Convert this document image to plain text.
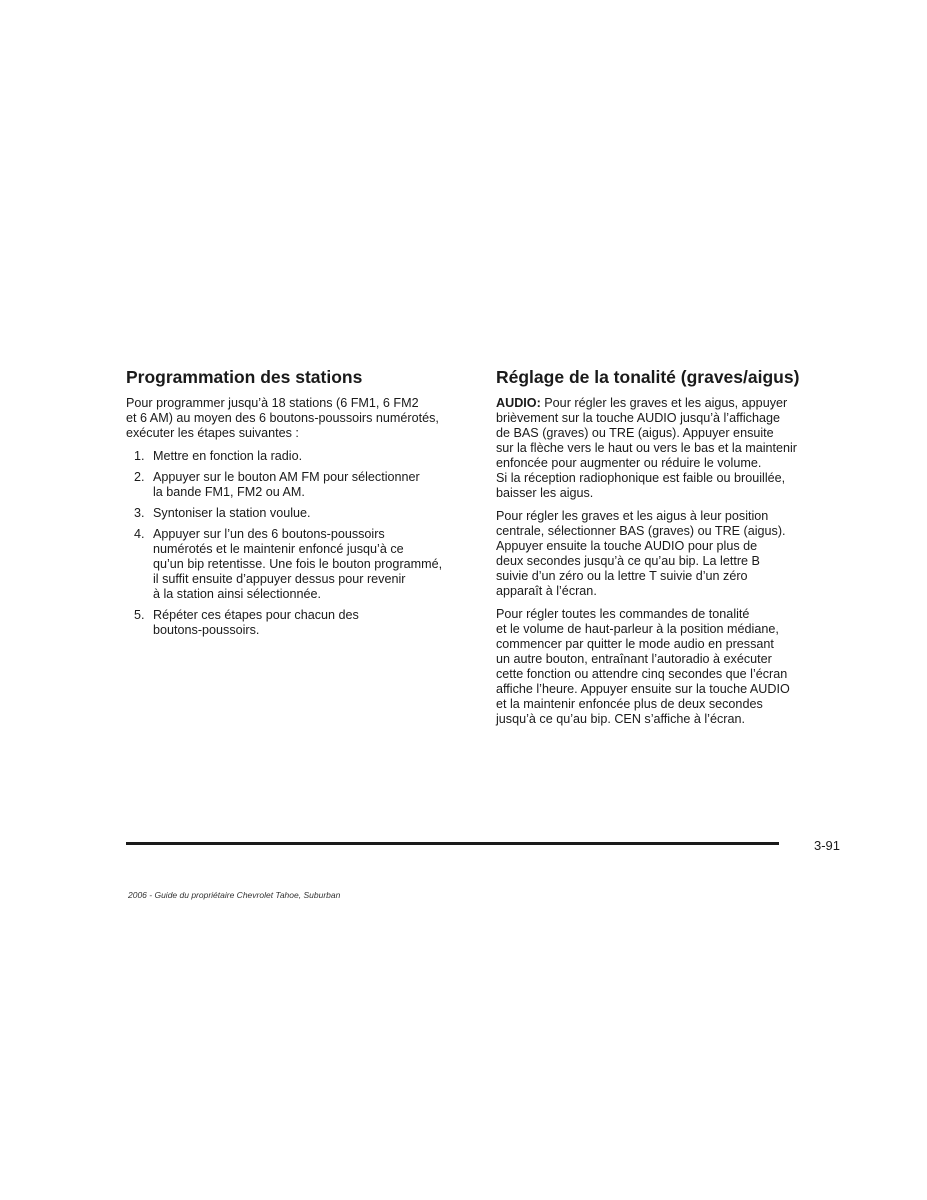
Programmation des stations

Pour programmer jusqu’à 18 stations (6 FM1, 6 FM2
et 6 AM) au moyen des 6 boutons-poussoirs numérotés,
exécuter les étapes suivantes :

1. Mettre en fonction la radio.
2. Appuyer sur le bouton AM FM pour sélectionner
la bande FM1, FM2 ou AM.
3. Syntoniser la station voulue.
4. Appuyer sur l’un des 6 boutons-poussoirs
numérotés et le maintenir enfoncé jusqu’à ce
qu’un bip retentisse. Une fois le bouton programmé,
il suffit ensuite d’appuyer dessus pour revenir
à la station ainsi sélectionnée.
5. Répéter ces étapes pour chacun des
boutons-poussoirs.
Réglage de la tonalité (graves/aigus)

AUDIO: Pour régler les graves et les aigus, appuyer
brièvement sur la touche AUDIO jusqu’à l’affichage
de BAS (graves) ou TRE (aigus). Appuyer ensuite
sur la flèche vers le haut ou vers le bas et la maintenir
enfoncée pour augmenter ou réduire le volume.
Si la réception radiophonique est faible ou brouillée,
baisser les aigus.

Pour régler les graves et les aigus à leur position
centrale, sélectionner BAS (graves) ou TRE (aigus).
Appuyer ensuite la touche AUDIO pour plus de
deux secondes jusqu’à ce qu’au bip. La lettre B
suivie d’un zéro ou la lettre T suivie d’un zéro
apparaît à l’écran.

Pour régler toutes les commandes de tonalité
et le volume de haut-parleur à la position médiane,
commencer par quitter le mode audio en pressant
un autre bouton, entraînant l’autoradio à exécuter
cette fonction ou attendre cinq secondes que l’écran
affiche l’heure. Appuyer ensuite sur la touche AUDIO
et la maintenir enfoncée plus de deux secondes
jusqu’à ce qu’au bip. CEN s’affiche à l’écran.

3-91
2006 - Guide du propriétaire Chevrolet Tahoe, Suburban
